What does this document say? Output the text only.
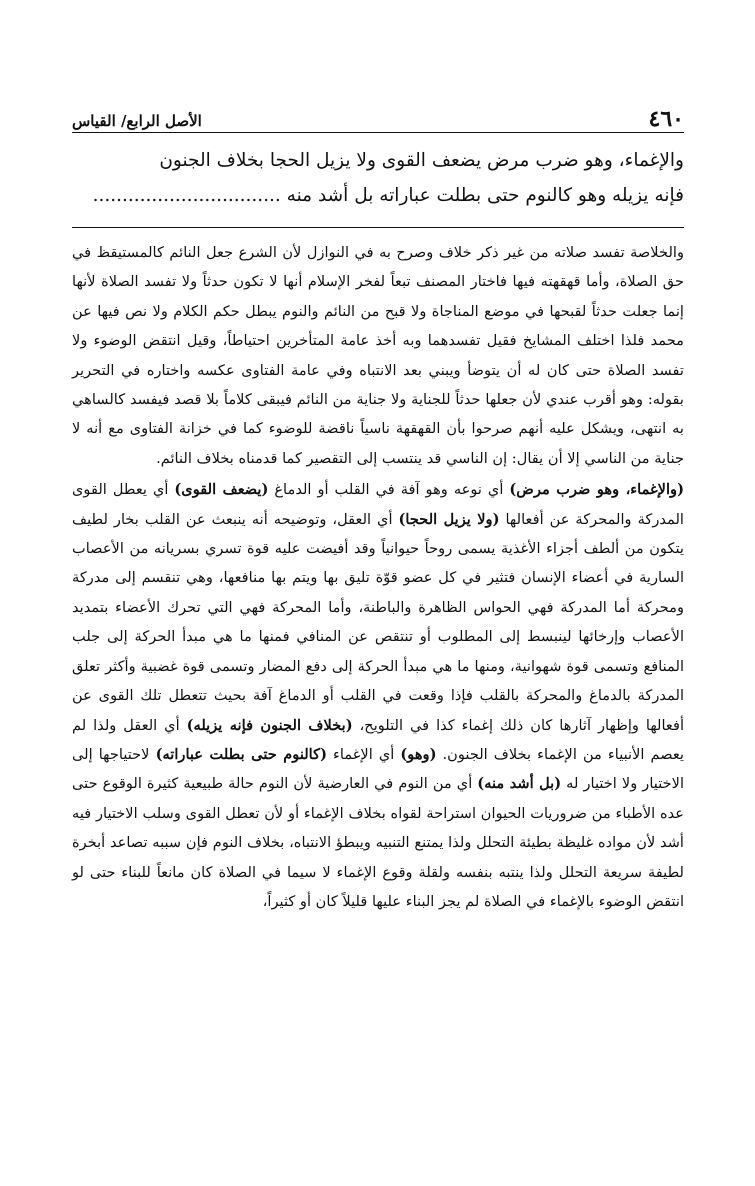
٤٦٠
الأصل الرابع/ القياس

والإغماء، وهو ضرب مرض يضعف القوى ولا يزيل الحجا بخلاف الجنون

فإنه يزيله وهو كالنوم حتى بطلت عباراته بل أشد منه ................................

والخلاصة تفسد صلاته من غير ذكر خلاف وصرح به في النوازل لأن الشرع جعل النائم كالمستيقظ في حق الصلاة، وأما قهقهته فيها فاختار المصنف تبعاً لفخر الإسلام أنها لا تكون حدثاً ولا تفسد الصلاة لأنها إنما جعلت حدثاً لقبحها في موضع المناجاة ولا قبح من النائم والنوم يبطل حكم الكلام ولا نص فيها عن محمد فلذا اختلف المشايخ فقيل تفسدهما وبه أخذ عامة المتأخرين احتياطاً، وقيل انتقض الوضوء ولا تفسد الصلاة حتى كان له أن يتوضأ ويبني بعد الانتباه وفي عامة الفتاوى عكسه واختاره في التحرير بقوله: وهو أقرب عندي لأن جعلها حدثاً للجناية ولا جناية من النائم فيبقى كلاماً بلا قصد فيفسد كالساهي به انتهى، ويشكل عليه أنهم صرحوا بأن القهقهة ناسياً ناقضة للوضوء كما في خزانة الفتاوى مع أنه لا جناية من الناسي إلا أن يقال: إن الناسي قد ينتسب إلى التقصير كما قدمناه بخلاف النائم.

(والإغماء، وهو ضرب مرض) أي نوعه وهو آفة في القلب أو الدماغ (يضعف القوى) أي يعطل القوى المدركة والمحركة عن أفعالها (ولا يزيل الحجا) أي العقل، وتوضيحه أنه ينبعث عن القلب بخار لطيف يتكون من ألطف أجزاء الأغذية يسمى روحاً حيوانياً وقد أفيضت عليه قوة تسري بسريانه من الأعصاب السارية في أعضاء الإنسان فتثير في كل عضو قوّة تليق بها ويتم بها منافعها، وهي تنقسم إلى مدركة ومحركة أما المدركة فهي الحواس الظاهرة والباطنة، وأما المحركة فهي التي تحرك الأعضاء بتمديد الأعصاب وإرخائها لينبسط إلى المطلوب أو تنتقص عن المنافي فمنها ما هي مبدأ الحركة إلى جلب المنافع وتسمى قوة شهوانية، ومنها ما هي مبدأ الحركة إلى دفع المضار وتسمى قوة غضبية وأكثر تعلق المدركة بالدماغ والمحركة بالقلب فإذا وقعت في القلب أو الدماغ آفة بحيث تتعطل تلك القوى عن أفعالها وإظهار آثارها كان ذلك إغماء كذا في التلويح، (بخلاف الجنون فإنه يزيله) أي العقل ولذا لم يعصم الأنبياء من الإغماء بخلاف الجنون. (وهو) أي الإغماء (كالنوم حتى بطلت عباراته) لاحتياجها إلى الاختيار ولا اختيار له (بل أشد منه) أي من النوم في العارضية لأن النوم حالة طبيعية كثيرة الوقوع حتى عده الأطباء من ضروريات الحيوان استراحة لقواه بخلاف الإغماء أو لأن تعطل القوى وسلب الاختيار فيه أشد لأن مواده غليظة بطيئة التحلل ولذا يمتنع التنبيه ويبطؤ الانتباه، بخلاف النوم فإن سببه تصاعد أبخرة لطيفة سريعة التحلل ولذا ينتبه بنفسه ولقلة وقوع الإغماء لا سيما في الصلاة كان مانعاً للبناء حتى لو انتقض الوضوء بالإغماء في الصلاة لم يجز البناء عليها قليلاً كان أو كثيراً،
